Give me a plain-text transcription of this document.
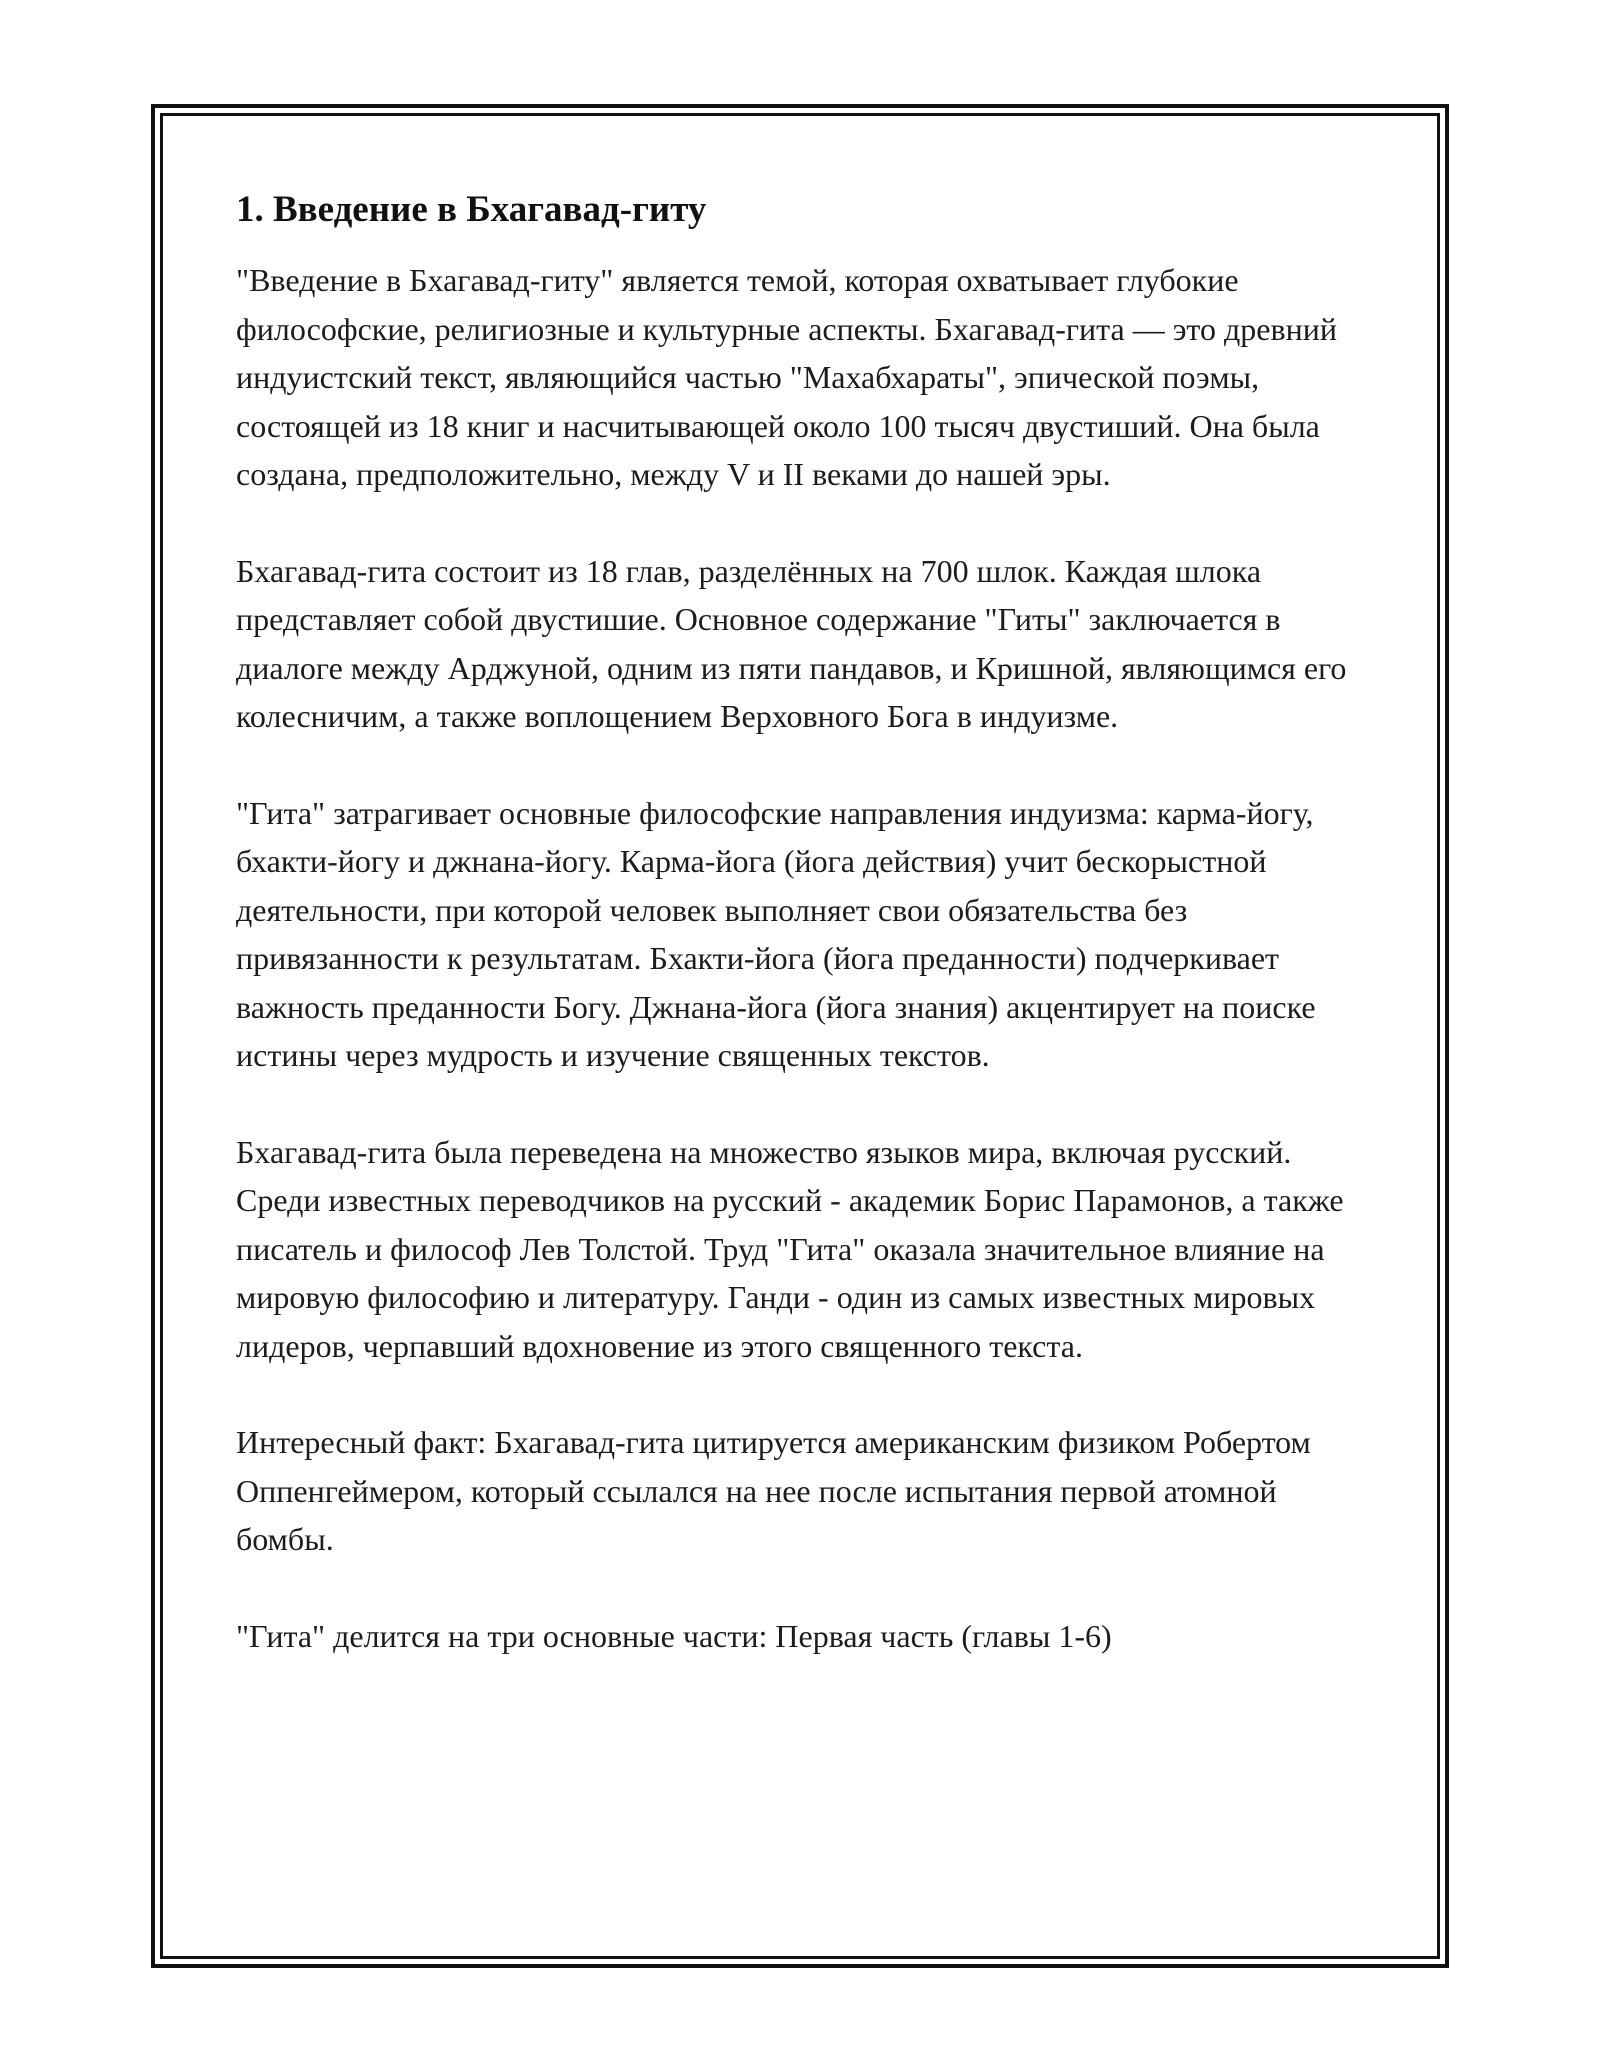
1. Введение в Бхагавад-гиту

"Введение в Бхагавад-гиту" является темой, которая охватывает глубокие философские, религиозные и культурные аспекты. Бхагавад-гита — это древний индуистский текст, являющийся частью "Махабхараты", эпической поэмы, состоящей из 18 книг и насчитывающей около 100 тысяч двустиший. Она была создана, предположительно, между V и II веками до нашей эры.

Бхагавад-гита состоит из 18 глав, разделённых на 700 шлок. Каждая шлока представляет собой двустишие. Основное содержание "Гиты" заключается в диалоге между Арджуной, одним из пяти пандавов, и Кришной, являющимся его колесничим, а также воплощением Верховного Бога в индуизме.

"Гита" затрагивает основные философские направления индуизма: карма-йогу, бхакти-йогу и джнана-йогу. Карма-йога (йога действия) учит бескорыстной деятельности, при которой человек выполняет свои обязательства без привязанности к результатам. Бхакти-йога (йога преданности) подчеркивает важность преданности Богу. Джнана-йога (йога знания) акцентирует на поиске истины через мудрость и изучение священных текстов.

Бхагавад-гита была переведена на множество языков мира, включая русский. Среди известных переводчиков на русский - академик Борис Парамонов, а также писатель и философ Лев Толстой. Труд "Гита" оказала значительное влияние на мировую философию и литературу. Ганди - один из самых известных мировых лидеров, черпавший вдохновение из этого священного текста.

Интересный факт: Бхагавад-гита цитируется американским физиком Робертом Оппенгеймером, который ссылался на нее после испытания первой атомной бомбы.

"Гита" делится на три основные части: Первая часть (главы 1-6)
